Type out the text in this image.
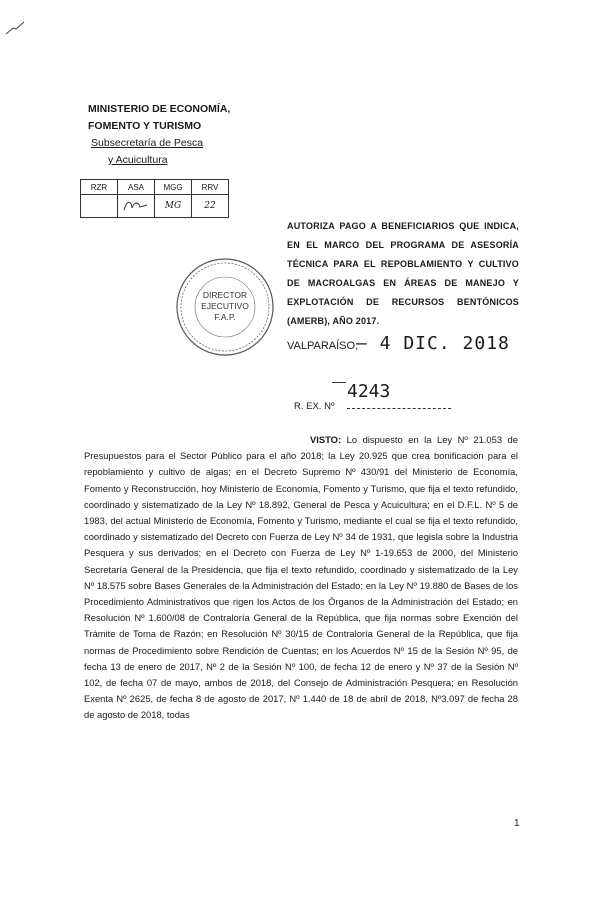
MINISTERIO DE ECONOMÍA,
FOMENTO Y TURISMO
Subsecretaría de Pesca
y Acuicultura
RZR	ASA	MGG	RRV
		MG	22
AUTORIZA PAGO A BENEFICIARIOS QUE INDICA, EN EL MARCO DEL PROGRAMA DE ASESORÍA TÉCNICA PARA EL REPOBLAMIENTO Y CULTIVO DE MACROALGAS EN ÁREAS DE MANEJO Y EXPLOTACIÓN DE RECURSOS BENTÓNICOS (AMERB), AÑO 2017.
DIRECTOR
EJECUTIVO
F.A.P.
VALPARAÍSO,
– 4 DIC. 2018
R. EX. Nº
4243
VISTO: Lo dispuesto en la Ley Nº 21.053 de Presupuestos para el Sector Público para el año 2018; la Ley 20.925 que crea bonificación para el repoblamiento y cultivo de algas; en el Decreto Supremo Nº 430/91 del Ministerio de Economía, Fomento y Reconstrucción, hoy Ministerio de Economía, Fomento y Turismo, que fija el texto refundido, coordinado y sistematizado de la Ley Nº 18.892, General de Pesca y Acuicultura; en el D.F.L. Nº 5 de 1983, del actual Ministerio de Economía, Fomento y Turismo, mediante el cual se fija el texto refundido, coordinado y sistematizado del Decreto con Fuerza de Ley Nº 34 de 1931, que legisla sobre la Industria Pesquera y sus derivados; en el Decreto con Fuerza de Ley Nº 1-19.653 de 2000, del Ministerio Secretaría General de la Presidencia, que fija el texto refundido, coordinado y sistematizado de la Ley Nº 18.575 sobre Bases Generales de la Administración del Estado; en la Ley Nº 19.880 de Bases de los Procedimiento Administrativos que rigen los Actos de los Órganos de la Administración del Estado; en Resolución Nº 1.600/08 de Contraloría General de la República, que fija normas sobre Exención del Trámite de Toma de Razón; en Resolución Nº 30/15 de Contraloría General de la República, que fija normas de Procedimiento sobre Rendición de Cuentas; en los Acuerdos Nº 15 de la Sesión Nº 95, de fecha 13 de enero de 2017, Nº 2 de la Sesión Nº 100, de fecha 12 de enero y Nº 37 de la Sesión Nº 102, de fecha 07 de mayo, ambos de 2018, del Consejo de Administración Pesquera; en Resolución Exenta Nº 2625, de fecha 8 de agosto de 2017, Nº 1.440 de 18 de abril de 2018, Nº3.097 de fecha 28 de agosto de 2018, todas
1
